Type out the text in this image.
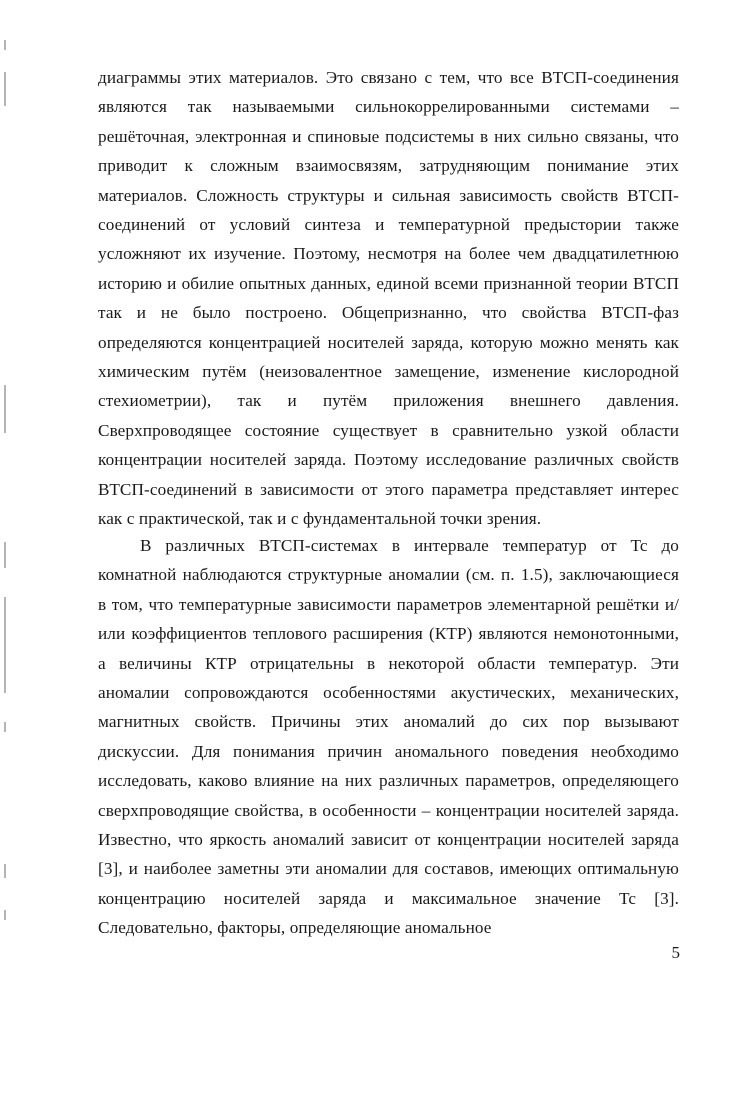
диаграммы этих материалов. Это связано с тем, что все ВТСП-соединения являются так называемыми сильнокоррелированными системами – решёточная, электронная и спиновые подсистемы в них сильно связаны, что приводит к сложным взаимосвязям, затрудняющим понимание этих материалов. Сложность структуры и сильная зависимость свойств ВТСП-соединений от условий синтеза и температурной предыстории также усложняют их изучение. Поэтому, несмотря на более чем двадцатилетнюю историю и обилие опытных данных, единой всеми признанной теории ВТСП так и не было построено. Общепризнанно, что свойства ВТСП-фаз определяются концентрацией носителей заряда, которую можно менять как химическим путём (неизовалентное замещение, изменение кислородной стехиометрии), так и путём приложения внешнего давления. Сверхпроводящее состояние существует в сравнительно узкой области концентрации носителей заряда. Поэтому исследование различных свойств ВТСП-соединений в зависимости от этого параметра представляет интерес как с практической, так и с фундаментальной точки зрения.

В различных ВТСП-системах в интервале температур от Tc до комнатной наблюдаются структурные аномалии (см. п. 1.5), заключающиеся в том, что температурные зависимости параметров элементарной решётки и/или коэффициентов теплового расширения (КТР) являются немонотонными, а величины КТР отрицательны в некоторой области температур. Эти аномалии сопровождаются особенностями акустических, механических, магнитных свойств. Причины этих аномалий до сих пор вызывают дискуссии. Для понимания причин аномального поведения необходимо исследовать, каково влияние на них различных параметров, определяющего сверхпроводящие свойства, в особенности – концентрации носителей заряда. Известно, что яркость аномалий зависит от концентрации носителей заряда [3], и наиболее заметны эти аномалии для составов, имеющих оптимальную концентрацию носителей заряда и максимальное значение Tc [3]. Следовательно, факторы, определяющие аномальное

5
